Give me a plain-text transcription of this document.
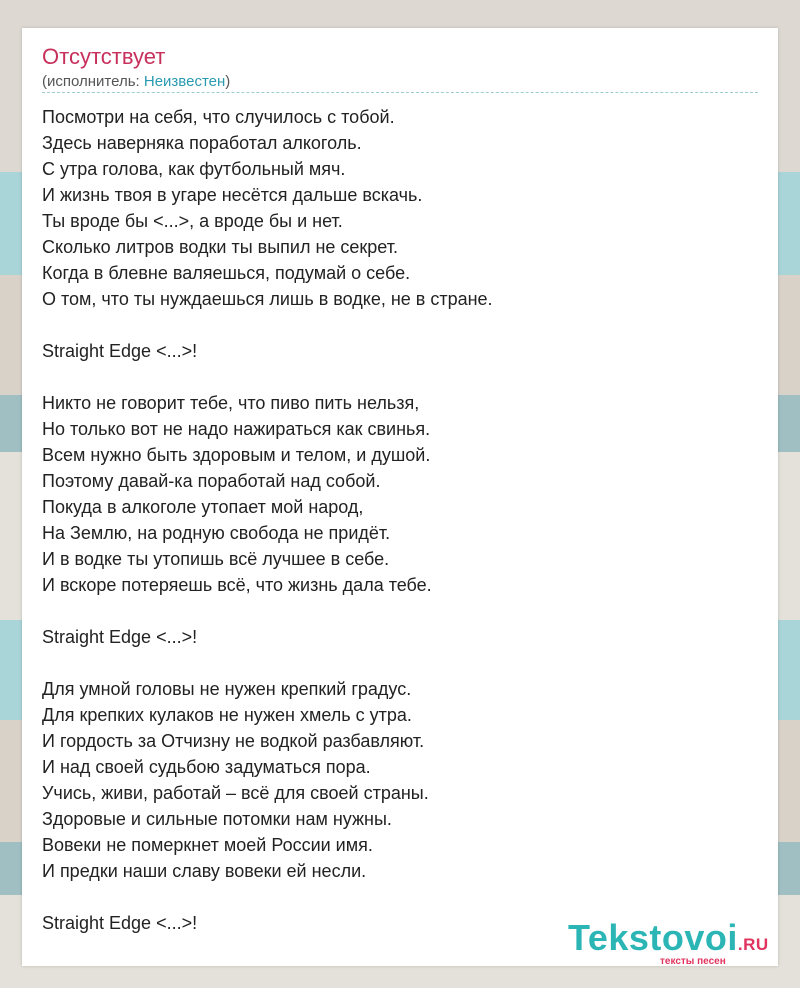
Отсутствует
(исполнитель: Неизвестен)
Посмотри на себя, что случилось с тобой.
Здесь наверняка поработал алкоголь.
С утра голова, как футбольный мяч.
И жизнь твоя в угаре несётся дальше вскачь.
Ты вроде бы <...>, а вроде бы и нет.
Сколько литров водки ты выпил не секрет.
Когда в блевне валяешься, подумай о себе.
О том, что ты нуждаешься лишь в водке, не в стране.
Straight Edge <...>!
Никто не говорит тебе, что пиво пить нельзя,
Но только вот не надо нажираться как свинья.
Всем нужно быть здоровым и телом, и душой.
Поэтому давай-ка поработай над собой.
Покуда в алкоголе утопает мой народ,
На Землю, на родную свобода не придёт.
И в водке ты утопишь всё лучшее в себе.
И вскоре потеряешь всё, что жизнь дала тебе.
Straight Edge <...>!
Для умной головы не нужен крепкий градус.
Для крепких кулаков не нужен хмель с утра.
И гордость за Отчизну не водкой разбавляют.
И над своей судьбою задуматься пора.
Учись, живи, работай – всё для своей страны.
Здоровые и сильные потомки нам нужны.
Вовеки не померкнет моей России имя.
И предки наши славу вовеки ей несли.
Straight Edge <...>!	Tekstovoi.RU
тексты песен
